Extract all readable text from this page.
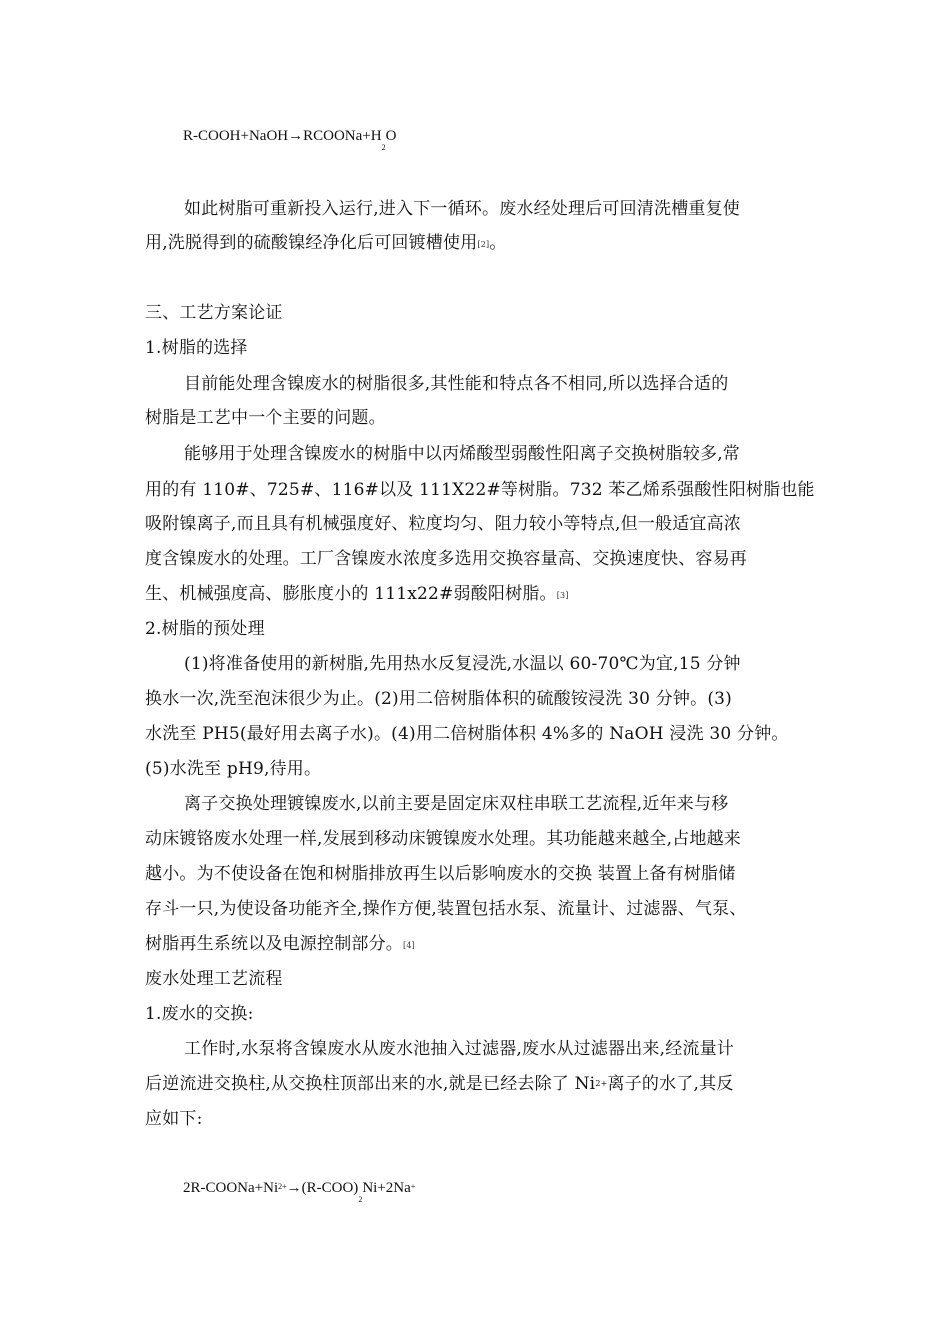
$R-COOH+NaOH\to RCOONa+H_2O$
如此树脂可重新投入运行,进入下一循环。废水经处理后可回清洗槽重复使
用,洗脱得到的硫酸镍经净化后可回镀槽使用[2]。
三、工艺方案论证
1.树脂的选择
目前能处理含镍废水的树脂很多,其性能和特点各不相同,所以选择合适的
树脂是工艺中一个主要的问题。
能够用于处理含镍废水的树脂中以丙烯酸型弱酸性阳离子交换树脂较多,常
用的有 110#、725#、116#以及 111X22#等树脂。732 苯乙烯系强酸性阳树脂也能
吸附镍离子,而且具有机械强度好、粒度均匀、阻力较小等特点,但一般适宜高浓
度含镍废水的处理。工厂含镍废水浓度多选用交换容量高、交换速度快、容易再
生、机械强度高、膨胀度小的 111x22#弱酸阳树脂。[3]
2.树脂的预处理
(1)将准备使用的新树脂,先用热水反复浸洗,水温以 60-70℃为宜,15 分钟
换水一次,洗至泡沫很少为止。(2)用二倍树脂体积的硫酸铵浸洗 30 分钟。(3)
水洗至 PH5(最好用去离子水)。(4)用二倍树脂体积 4%多的 NaOH 浸洗 30 分钟。
(5)水洗至 pH9,待用。
离子交换处理镀镍废水,以前主要是固定床双柱串联工艺流程,近年来与移
动床镀铬废水处理一样,发展到移动床镀镍废水处理。其功能越来越全,占地越来
越小。为不使设备在饱和树脂排放再生以后影响废水的交换 装置上备有树脂储
存斗一只,为使设备功能齐全,操作方便,装置包括水泵、流量计、过滤器、气泵、
树脂再生系统以及电源控制部分。[4]
废水处理工艺流程
1.废水的交换:
工作时,水泵将含镍废水从废水池抽入过滤器,废水从过滤器出来,经流量计
后逆流进交换柱,从交换柱顶部出来的水,就是已经去除了 $Ni^{2+}$离子的水了,其反
应如下:
$2R-COONa+Ni^{2+}\to(R-COO)_2Ni+2Na^+$
